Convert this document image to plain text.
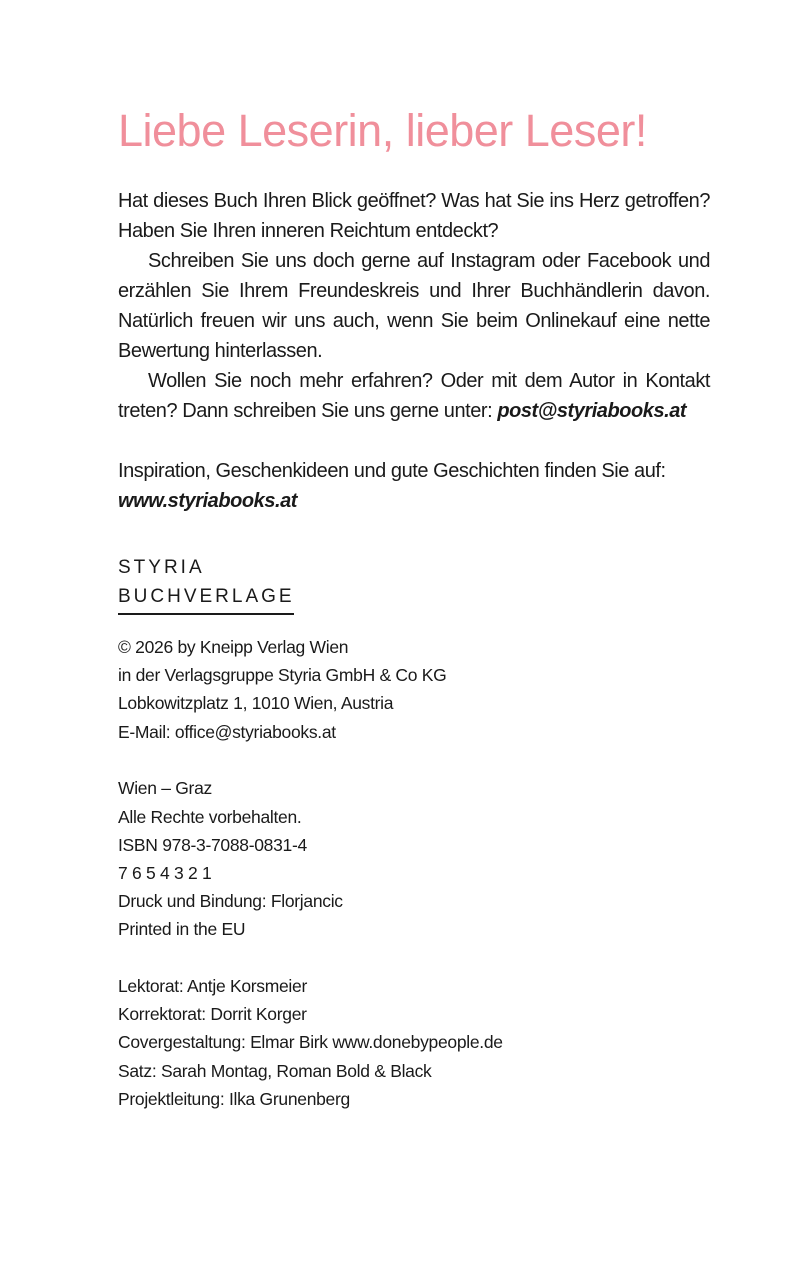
Liebe Leserin, lieber Leser!

Hat dieses Buch Ihren Blick geöffnet? Was hat Sie ins Herz getroffen? Haben Sie Ihren inneren Reichtum entdeckt?

Schreiben Sie uns doch gerne auf Instagram oder Facebook und erzählen Sie Ihrem Freundeskreis und Ihrer Buchhändlerin davon. Natürlich freuen wir uns auch, wenn Sie beim Onlinekauf eine nette Bewertung hinterlassen.

Wollen Sie noch mehr erfahren? Oder mit dem Autor in Kontakt treten? Dann schreiben Sie uns gerne unter: post@styriabooks.at

Inspiration, Geschenkideen und gute Geschichten finden Sie auf:

www.styriabooks.at

STYRIA
BUCHVERLAGE
© 2026 by Kneipp Verlag Wien
in der Verlagsgruppe Styria GmbH & Co KG
Lobkowitzplatz 1, 1010 Wien, Austria
E-Mail: office@styriabooks.at
Wien – Graz
Alle Rechte vorbehalten.
ISBN 978-3-7088-0831-4
7 6 5 4 3 2 1
Druck und Bindung: Florjancic
Printed in the EU
Lektorat: Antje Korsmeier
Korrektorat: Dorrit Korger
Covergestaltung: Elmar Birk www.donebypeople.de
Satz: Sarah Montag, Roman Bold & Black
Projektleitung: Ilka Grunenberg
